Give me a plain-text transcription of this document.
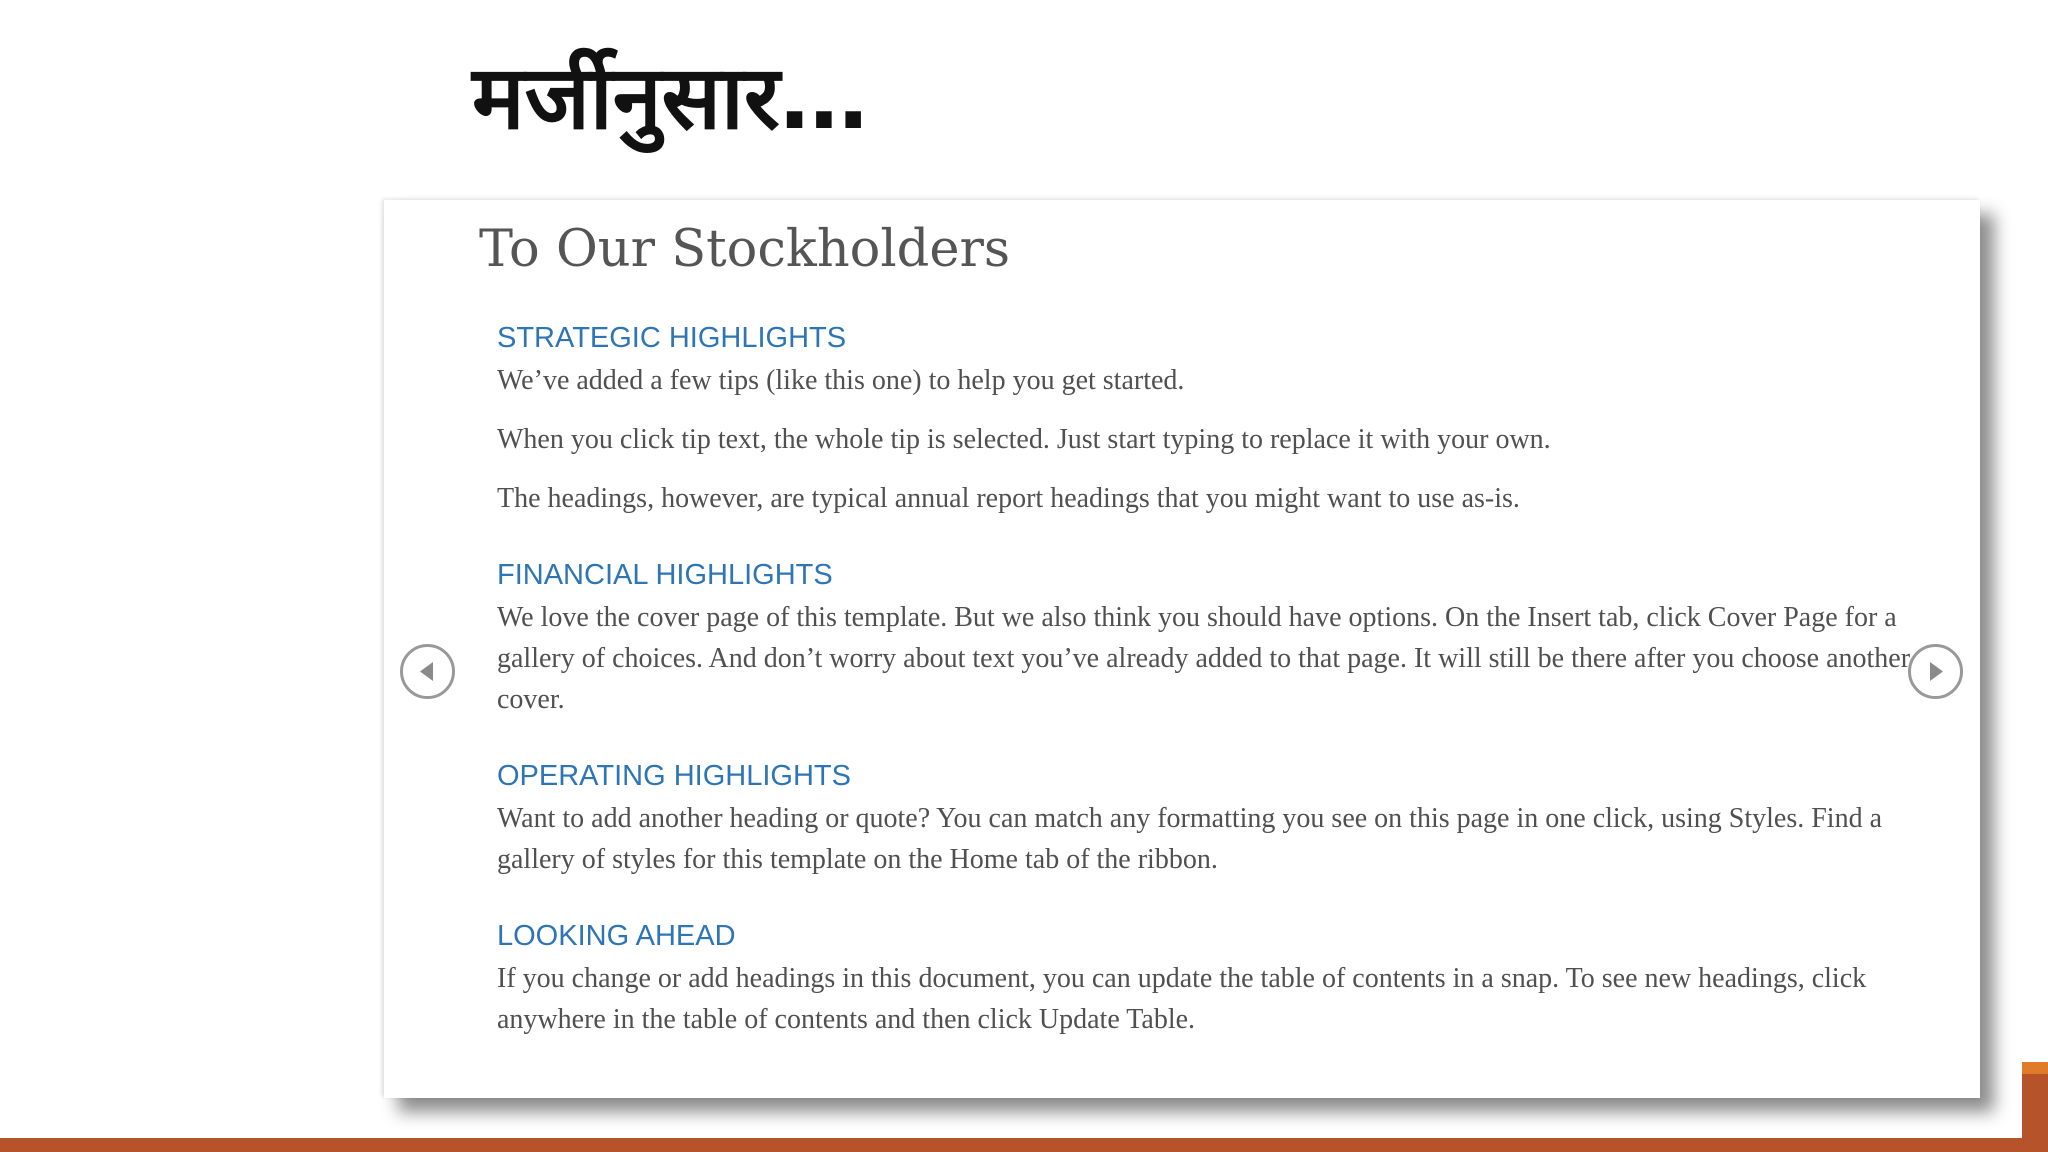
मर्जीनुसार…
To Our Stockholders
STRATEGIC HIGHLIGHTS

We’ve added a few tips (like this one) to help you get started.

When you click tip text, the whole tip is selected. Just start typing to replace it with your own.

The headings, however, are typical annual report headings that you might want to use as-is.

FINANCIAL HIGHLIGHTS

We love the cover page of this template. But we also think you should have options. On the Insert tab, click Cover Page for a gallery of choices. And don’t worry about text you’ve already added to that page. It will still be there after you choose another cover.

OPERATING HIGHLIGHTS

Want to add another heading or quote? You can match any formatting you see on this page in one click, using Styles. Find a gallery of styles for this template on the Home tab of the ribbon.

LOOKING AHEAD

If you change or add headings in this document, you can update the table of contents in a snap. To see new headings, click anywhere in the table of contents and then click Update Table.
